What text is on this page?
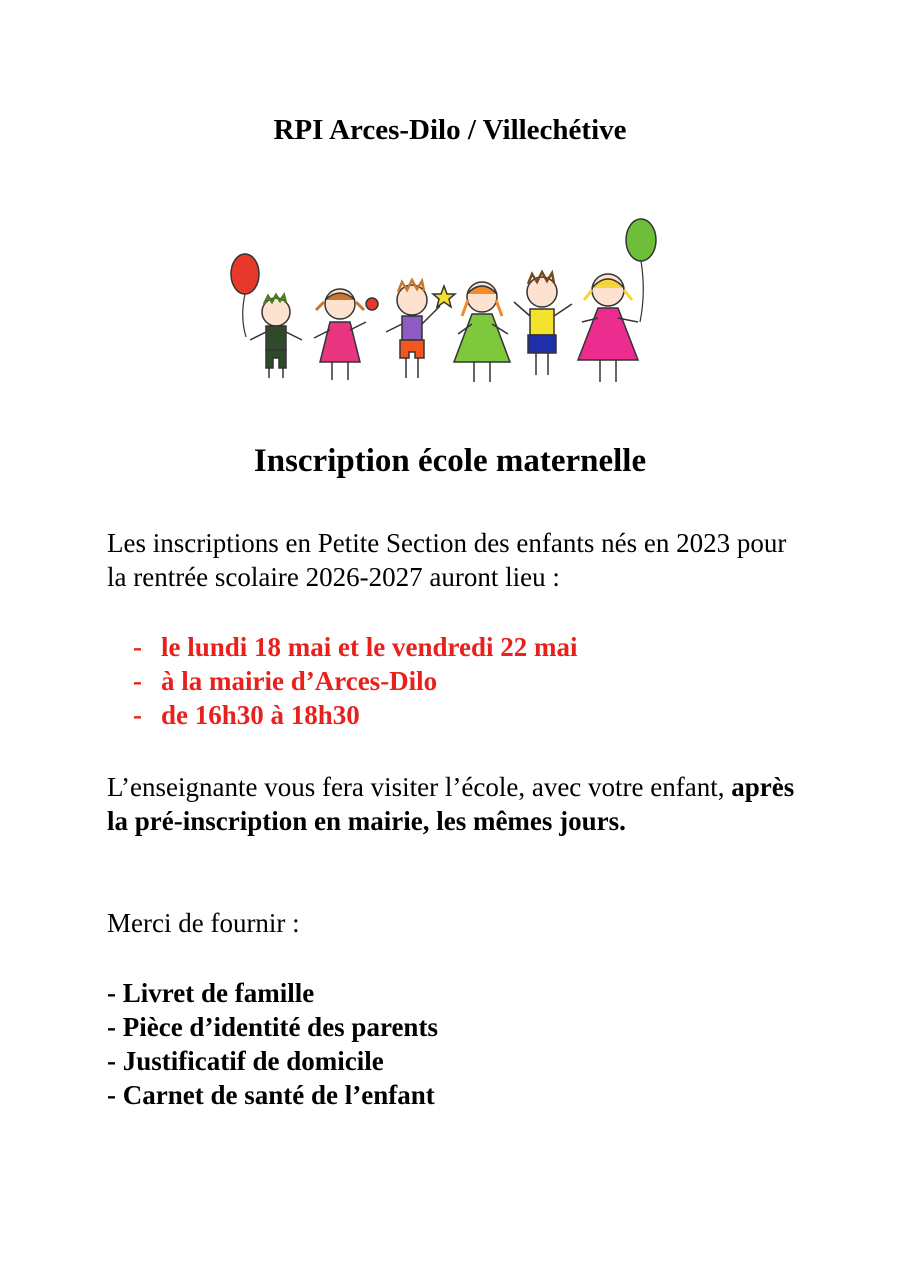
RPI Arces-Dilo / Villechétive
Inscription école maternelle

Les inscriptions en Petite Section des enfants nés en 2023 pour la rentrée scolaire 2026-2027 auront lieu :

- le lundi 18 mai et le vendredi 22 mai
- à la mairie d’Arces-Dilo
- de 16h30 à 18h30

L’enseignante vous fera visiter l’école, avec votre enfant, après la pré-inscription en mairie, les mêmes jours.

Merci de fournir :

- Livret de famille
- Pièce d’identité des parents
- Justificatif de domicile
- Carnet de santé de l’enfant
